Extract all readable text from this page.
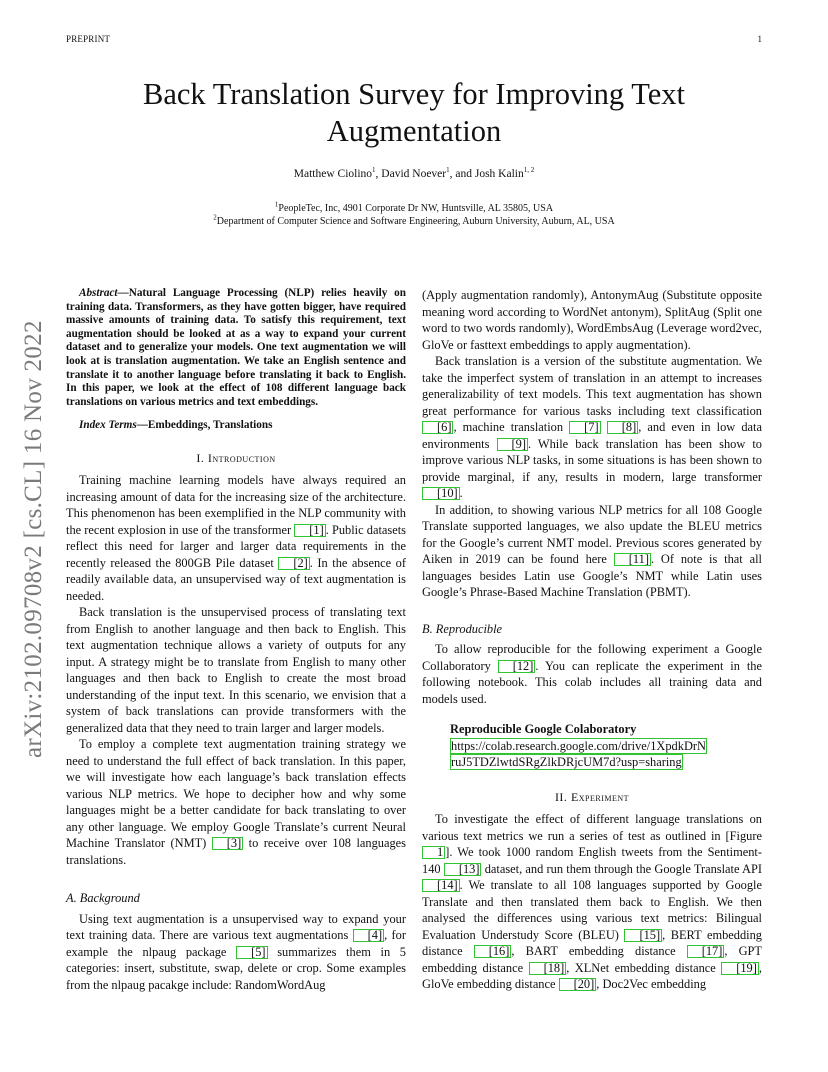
PREPRINT	1
arXiv:2102.09708v2 [cs.CL] 16 Nov 2022
Back Translation Survey for Improving Text
Augmentation
Matthew Ciolino$^1$, David Noever$^1$, and Josh Kalin$^{1, 2}$
$^1$PeopleTec, Inc, 4901 Corporate Dr NW, Huntsville, AL 35805, USA
$^2$Department of Computer Science and Software Engineering, Auburn University, Auburn, AL, USA

Abstract—Natural Language Processing (NLP) relies heavily on training data. Transformers, as they have gotten bigger, have required massive amounts of training data. To satisfy this requirement, text augmentation should be looked at as a way to expand your current dataset and to generalize your models. One text augmentation we will look at is translation augmentation. We take an English sentence and translate it to another language before translating it back to English. In this paper, we look at the effect of 108 different language back translations on various metrics and text embeddings.

Index Terms—Embeddings, Translations

I. Introduction

Training machine learning models have always required an increasing amount of data for the increasing size of the architecture. This phenomenon has been exemplified in the NLP community with the recent explosion in use of the transformer [1] . Public datasets reflect this need for larger and larger data requirements in the recently released the 800GB Pile dataset [2] . In the absence of readily available data, an unsupervised way of text augmentation is needed.

Back translation is the unsupervised process of translating text from English to another language and then back to English. This text augmentation technique allows a variety of outputs for any input. A strategy might be to translate from English to many other languages and then back to English to create the most broad understanding of the input text. In this scenario, we envision that a system of back translations can provide transformers with the generalized data that they need to train larger and larger models.

To employ a complete text augmentation training strategy we need to understand the full effect of back translation. In this paper, we will investigate how each language’s back translation effects various NLP metrics. We hope to decipher how and why some languages might be a better candidate for back translating to over any other language. We employ Google Translate’s current Neural Machine Translator (NMT) [3] to receive over 108 languages translations.

A. Background

Using text augmentation is a unsupervised way to expand your text training data. There are various text augmentations [4] , for example the nlpaug package [5] summarizes them in 5 categories: insert, substitute, swap, delete or crop. Some examples from the nlpaug pacakge include: RandomWordAug

(Apply augmentation randomly), AntonymAug (Substitute opposite meaning word according to WordNet antonym), SplitAug (Split one word to two words randomly), WordEmbsAug (Leverage word2vec, GloVe or fasttext embeddings to apply augmentation).

Back translation is a version of the substitute augmentation. We take the imperfect system of translation in an attempt to increases generalizability of text models. This text augmentation has shown great performance for various tasks including text classification [6] , machine translation [7] [8] , and even in low data environments [9] . While back translation has been show to improve various NLP tasks, in some situations is has been shown to provide marginal, if any, results in modern, large transformer [10] .

In addition, to showing various NLP metrics for all 108 Google Translate supported languages, we also update the BLEU metrics for the Google’s current NMT model. Previous scores generated by Aiken in 2019 can be found here [11] . Of note is that all languages besides Latin use Google’s NMT while Latin uses Google’s Phrase-Based Machine Translation (PBMT).

B. Reproducible

To allow reproducible for the following experiment a Google Collaboratory [12] . You can replicate the experiment in the following notebook. This colab includes all training data and models used.

Reproducible Google Colaboratory
https://colab.research.google.com/drive/1XpdkDrN
ruJ5TDZlwtdSRgZlkDRjcUM7d?usp=sharing
II. Experiment

To investigate the effect of different language translations on various text metrics we run a series of test as outlined in [Figure 1 ]. We took 1000 random English tweets from the Sentiment-140 [13] dataset, and run them through the Google Translate API [14] . We translate to all 108 languages supported by Google Translate and then translated them back to English. We then analysed the differences using various text metrics: Bilingual Evaluation Understudy Score (BLEU) [15] , BERT embedding distance [16] , BART embedding distance [17] , GPT embedding distance [18] , XLNet embedding distance [19] , GloVe embedding distance [20] , Doc2Vec embedding
